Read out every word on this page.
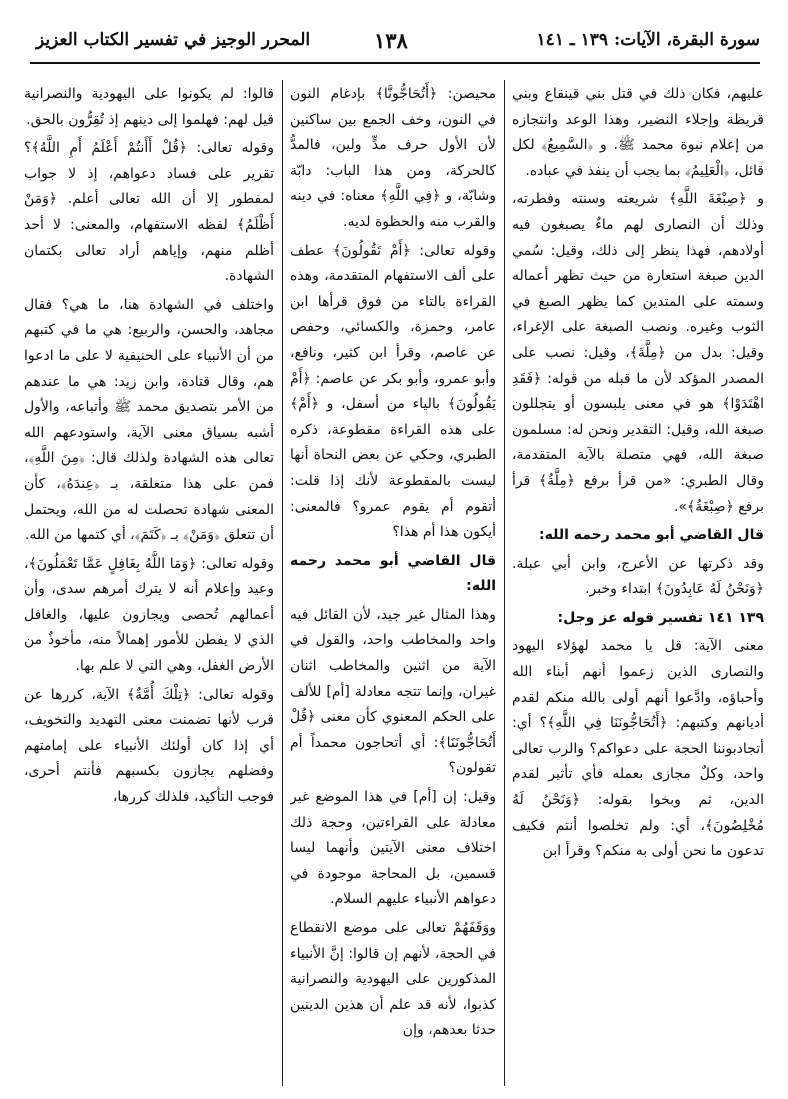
سورة البقرة، الآيات: ١٣٩ ـ ١٤١
١٣٨
المحرر الوجيز في تفسير الكتاب العزيز

عليهم، فكان ذلك في قتل بني قينقاع وبني قريظة وإجلاء النضير، وهذا الوعد وانتجازه من إعلام نبوة محمد ﷺ. و ﴿السَّمِيعُ﴾ لكل قائل، ﴿الْعَلِيمُ﴾ بما يجب أن ينفذ في عباده.

و ﴿صِبْغَةَ اللَّهِ﴾ شريعته وسنته وفطرته، وذلك أن النصارى لهم ماءٌ يصبغون فيه أولادهم، فهذا ينظر إلى ذلك، وقيل: سُمي الدين صبغة استعارة من حيث تظهر أعماله وسمته على المتدين كما يظهر الصبغ في الثوب وغيره. ونصب الصبغة على الإغراء، وقيل: بدل من ﴿مِلَّةَ﴾، وقيل: نصب على المصدر المؤكد لأن ما قبله من قوله: ﴿فَقَدِ اهْتَدَوْا﴾ هو في معنى يلبسون أو يتجللون صبغة الله، وقيل: التقدير ونحن له: مسلمون صبغة الله، فهي متصلة بالآية المتقدمة، وقال الطبري: «من قرأ برفع ﴿مِلَّةُ﴾ قرأ برفع ﴿صِبْغَةُ﴾».

قال القاضي أبو محمد رحمه الله:

وقد ذكرتها عن الأعرج، وابن أبي عبلة. ﴿وَنَحْنُ لَهُ عَابِدُونَ﴾ ابتداء وخبر.

١٣٩ ١٤١ تفسير قوله عز وجل:

معنى الآية: قل يا محمد لهؤلاء اليهود والنصارى الذين زعموا أنهم أبناء الله وأحباؤه، وادَّعوا أنهم أولى بالله منكم لقدم أديانهم وكتبهم: ﴿أَتُحَاجُّونَنَا فِي اللَّهِ﴾؟ أي: أتجادبوننا الحجة على دعواكم؟ والرب تعالى واحد، وكلٌ مجازى بعمله فأي تأثير لقدم الدين، ثم وبخوا بقوله: ﴿وَنَحْنُ لَهُ مُخْلِصُونَ﴾، أي: ولم تخلصوا أنتم فكيف تدعون ما نحن أولى به منكم؟ وقرأ ابن

محيصن: ﴿أَتُحَاجُّونَّا﴾ بإدغام النون في النون، وخف الجمع بين ساكنين لأن الأول حرف مدٍّ ولين، فالمدُّ كالحركة، ومن هذا الباب: دابّة وشابّة، و ﴿فِي اللَّهِ﴾ معناه: في دينه والقرب منه والحظوة لديه.

وقوله تعالى: ﴿أَمْ تَقُولُونَ﴾ عطف على ألف الاستفهام المتقدمة، وهذه القراءة بالتاء من فوق قرأها ابن عامر، وحمزة، والكسائي، وحفص عن عاصم، وقرأ ابن كثير، ونافع، وأبو عمرو، وأبو بكر عن عاصم: ﴿أَمْ يَقُولُونَ﴾ بالياء من أسفل، و ﴿أَمْ﴾ على هذه القراءة مقطوعة، ذكره الطبري، وحكي عن بعض النحاة أنها ليست بالمقطوعة لأنك إذا قلت: أتقوم أم يقوم عمرو؟ فالمعنى: أيكون هذا أم هذا؟

قال القاضي أبو محمد رحمه الله:

وهذا المثال غير جيد، لأن القائل فيه واحد والمخاطب واحد، والقول في الآية من اثنين والمخاطب اثنان غيران، وإنما تتجه معادلة [أم] للألف على الحكم المعنوي كأن معنى ﴿قُلْ أَتُحَاجُّونَنَا﴾: أي أتحاجون محمداً أم تقولون؟

وقيل: إن [أم] في هذا الموضع غير معادلة على القراءتين، وحجة ذلك اختلاف معنى الآيتين وأنهما ليسا قسمين، بل المحاجة موجودة في دعواهم الأنبياء عليهم السلام.

ووَقَفَهُمْ تعالى على موضع الانقطاع في الحجة، لأنهم إن قالوا: إنَّ الأنبياء المذكورين على اليهودية والنصرانية كذبوا، لأنه قد علم أن هذين الدينين حدثا بعدهم، وإن

قالوا: لم يكونوا على اليهودية والنصرانية قيل لهم: فهلموا إلى دينهم إذ تُقِرُّون بالحق.

وقوله تعالى: ﴿قُلْ أَأَنتُمْ أَعْلَمُ أَمِ اللَّهُ﴾؟ تقرير على فساد دعواهم، إذ لا جواب لمفطور إلا أن الله تعالى أعلم. ﴿وَمَنْ أَظْلَمُ﴾ لفظه الاستفهام، والمعنى: لا أحد أظلم منهم، وإياهم أراد تعالى بكتمان الشهادة.

واختلف في الشهادة هنا، ما هي؟ فقال مجاهد، والحسن، والربيع: هي ما في كتبهم من أن الأنبياء على الحنيفية لا على ما ادعوا هم، وقال قتادة، وابن زيد: هي ما عندهم من الأمر بتصديق محمد ﷺ وأتباعه، والأول أشبه بسياق معنى الآية، واستودعهم الله تعالى هذه الشهادة ولذلك قال: ﴿مِنَ اللَّهِ﴾، فمن على هذا متعلقة، بـ ﴿عِندَهُ﴾، كأن المعنى شهادة تحصلت له من الله، ويحتمل أن تتعلق ﴿وَمَنْ﴾ بـ ﴿كَتَمَ﴾، أي كتمها من الله.

وقوله تعالى: ﴿وَمَا اللَّهُ بِغَافِلٍ عَمَّا تَعْمَلُونَ﴾، وعيد وإعلام أنه لا يترك أمرهم سدى، وأن أعمالهم تُحصى ويجازون عليها، والغافل الذي لا يفطن للأمور إهمالاً منه، مأخوذٌ من الأرض الغفل، وهي التي لا علم بها.

وقوله تعالى: ﴿تِلْكَ أُمَّةٌ﴾ الآية، كررها عن قرب لأنها تضمنت معنى التهديد والتخويف، أي إذا كان أولئك الأنبياء على إمامتهم وفضلهم يجازون بكسبهم فأنتم أحرى، فوجب التأكيد، فلذلك كررها،
